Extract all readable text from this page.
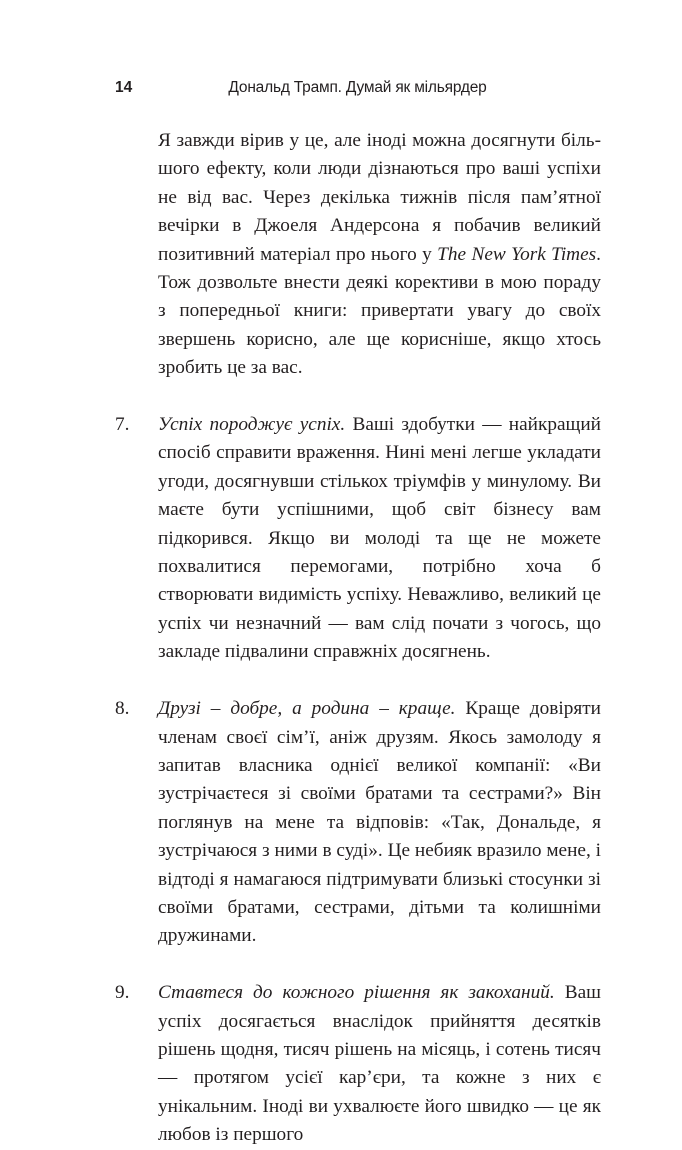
14	Дональд Трамп. Думай як мільярдер

Я завжди вірив у це, але іноді можна досягнути більшого ефекту, коли люди дізнаються про ваші успіхи не від вас. Через декілька тижнів після пам’ятної вечірки в Джоеля Андерсона я побачив великий позитивний матеріал про нього у The New York Times. Тож дозвольте внести деякі корективи в мою пораду з попередньої книги: привертати увагу до своїх звершень корисно, але ще корисніше, якщо хтось зробить це за вас.

7. Успіх породжує успіх. Ваші здобутки — найкращий спосіб справити враження. Нині мені легше укладати угоди, досягнувши стількох тріумфів у минулому. Ви маєте бути успішними, щоб світ бізнесу вам підкорився. Якщо ви молоді та ще не можете похвалитися перемогами, потрібно хоча б створювати видимість успіху. Неважливо, великий це успіх чи незначний — вам слід почати з чогось, що закладе підвалини справжніх досягнень.

8. Друзі – добре, а родина – краще. Краще довіряти членам своєї сім’ї, аніж друзям. Якось замолоду я запитав власника однієї великої компанії: «Ви зустрічаєтеся зі своїми братами та сестрами?» Він поглянув на мене та відповів: «Так, Дональде, я зустрічаюся з ними в суді». Це небияк вразило мене, і відтоді я намагаюся підтримувати близькі стосунки зі своїми братами, сестрами, дітьми та колишніми дружинами.

9. Ставтеся до кожного рішення як закоханий. Ваш успіх досягається внаслідок прийняття десятків рішень щодня, тисяч рішень на місяць, і сотень тисяч — протягом усієї кар’єри, та кожне з них є унікальним. Іноді ви ухвалюєте його швидко — це як любов із першого
